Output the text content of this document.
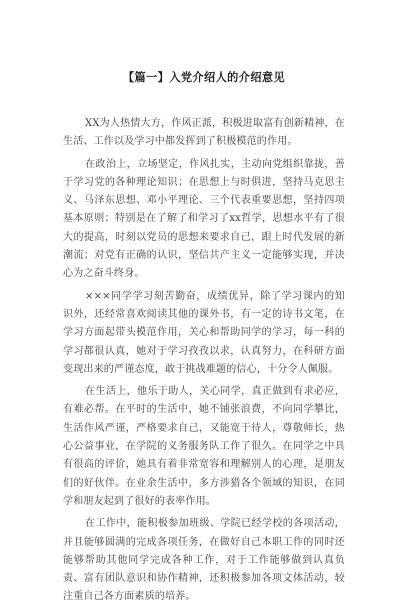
【篇一】入党介绍人的介绍意见

XX为人热情大方，作风正派，积极进取富有创新精神，在生活、工作以及学习中都发挥到了积极模范的作用。

在政治上，立场坚定，作风扎实，主动向党组织靠拢，善于学习党的各种理论知识；在思想上与时俱进，坚持马克思主义、马泽东思想、邓小平理论、三个代表重要思想，坚持四项基本原则；特别是在了解了和学习了xx哲学，思想水平有了很大的提高，时刻以党员的思想来要求自己，跟上时代发展的新潮流；对党有正确的认识，坚信共产主义一定能够实现，并决心为之奋斗终身。

×××同学学习刻苦勤奋，成绩优异，除了学习课内的知识外，还经常喜欢阅读其他的课外书，有一定的诗书文笔，在学习方面起带头模范作用，关心和帮助同学的学习，每一科的学习都很认真，她对于学习孜孜以求，认真努力，在科研方面变现出来的严谨态度，敢于挑战难题的信心，十分令人佩服。

在生活上，他乐于助人，关心同学，真正做到有求必应，有难必帮。在平时的生活中，她不铺张浪费，不向同学攀比，生活作风严谨，严格要求自己，又能宽于待人，尊敬师长，热心公益事业，在学院的义务服务队工作了很久。在同学之中具有很高的评价，她具有着非常宽容和理解别人的心理，是朋友们的好伙伴。在业余生活中，多方涉猎各个领域的知识，在同学和朋友起到了很好的表率作用。

在工作中，能积极参加班级、学院已经学校的各项活动，并且能够圆满的完成各项任务，在做好自己本职工作的同时还能够帮助其他同学完成各种工作，对于工作能够做到认真负责、富有团队意识和协作精神，还积极参加各项文体活动，较注重自己各方面素质的培养。
